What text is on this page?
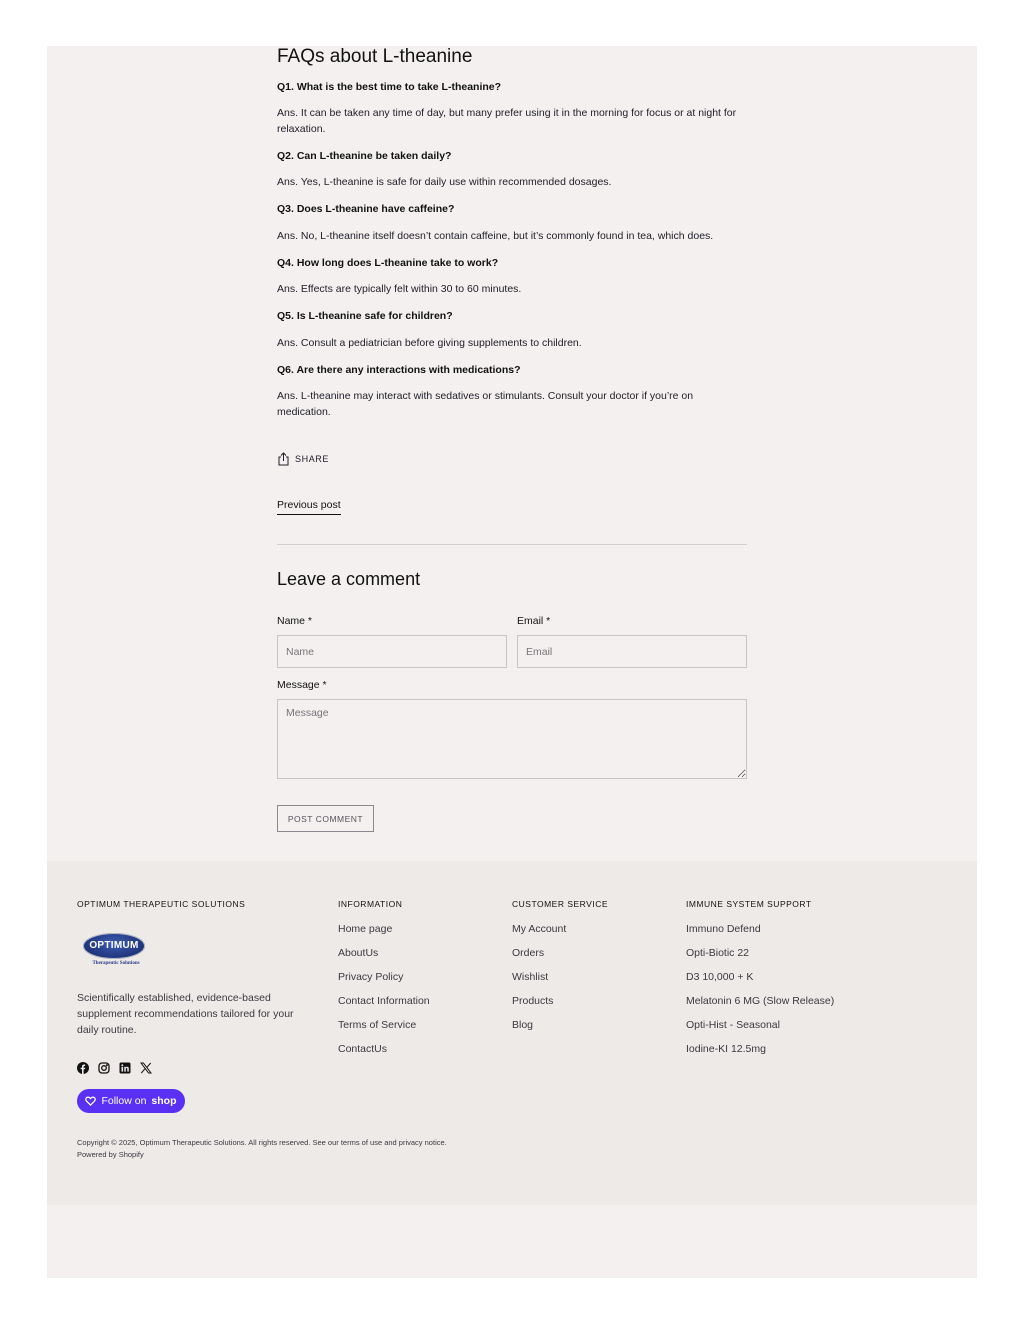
FAQs about L-theanine
Q1. What is the best time to take L-theanine?
Ans. It can be taken any time of day, but many prefer using it in the morning for focus or at night for relaxation.
Q2. Can L-theanine be taken daily?
Ans. Yes, L-theanine is safe for daily use within recommended dosages.
Q3. Does L-theanine have caffeine?
Ans. No, L-theanine itself doesn’t contain caffeine, but it’s commonly found in tea, which does.
Q4. How long does L-theanine take to work?
Ans. Effects are typically felt within 30 to 60 minutes.
Q5. Is L-theanine safe for children?
Ans. Consult a pediatrician before giving supplements to children.
Q6. Are there any interactions with medications?
Ans. L-theanine may interact with sedatives or stimulants. Consult your doctor if you’re on medication.
SHARE
Previous post
Leave a comment
Name *
Name	Email *
Email
Message *
Message
POST COMMENT
OPTIMUM THERAPEUTIC SOLUTIONS
OPTIMUM
Therapeutic Solutions
Scientifically established, evidence-based supplement recommendations tailored for your daily routine.
Follow on shop
Copyright © 2025, Optimum Therapeutic Solutions. All rights reserved. See our terms of use and privacy notice.
Powered by Shopify
INFORMATION
Home page
AboutUs
Privacy Policy
Contact Information
Terms of Service
ContactUs
CUSTOMER SERVICE
My Account
Orders
Wishlist
Products
Blog
IMMUNE SYSTEM SUPPORT
Immuno Defend
Opti-Biotic 22
D3 10,000 + K
Melatonin 6 MG (Slow Release)
Opti-Hist - Seasonal
Iodine-KI 12.5mg
